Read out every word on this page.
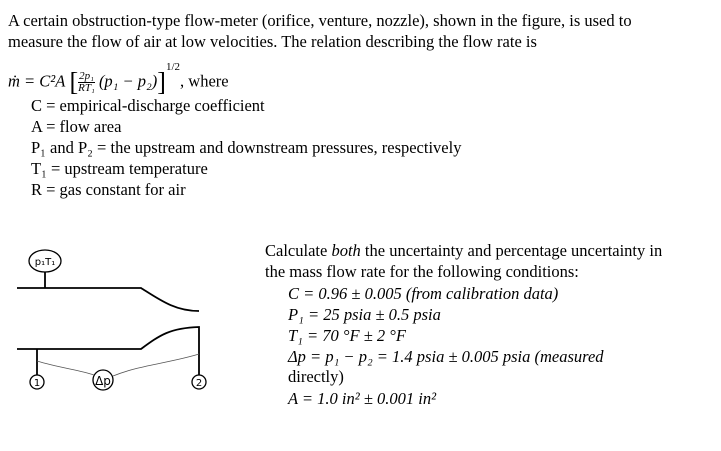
A certain obstruction-type flow-meter (orifice, venture, nozzle), shown in the figure, is used to
measure the flow of air at low velocities. The relation describing the flow rate is
ṁ = C²A [ $\frac{\text{2p₁}}{\text{RT₁}} (p_1 - p_2)]^{1/2}$, where
C = empirical-discharge coefficient
A = flow area
P₁ and P₂ = the upstream and downstream pressures, respectively
T₁ = upstream temperature
R = gas constant for air
p₁T₁
1	Δp	2
Calculate both the uncertainty and percentage uncertainty in
the mass flow rate for the following conditions:
C = 0.96 ± 0.005 (from calibration data)
P₁ = 25 psia ± 0.5 psia
T₁ = 70 °F ± 2 °F
Δp = p₁ − p₂ = 1.4 psia ± 0.005 psia (measured
directly)
A = 1.0 in² ± 0.001 in²
